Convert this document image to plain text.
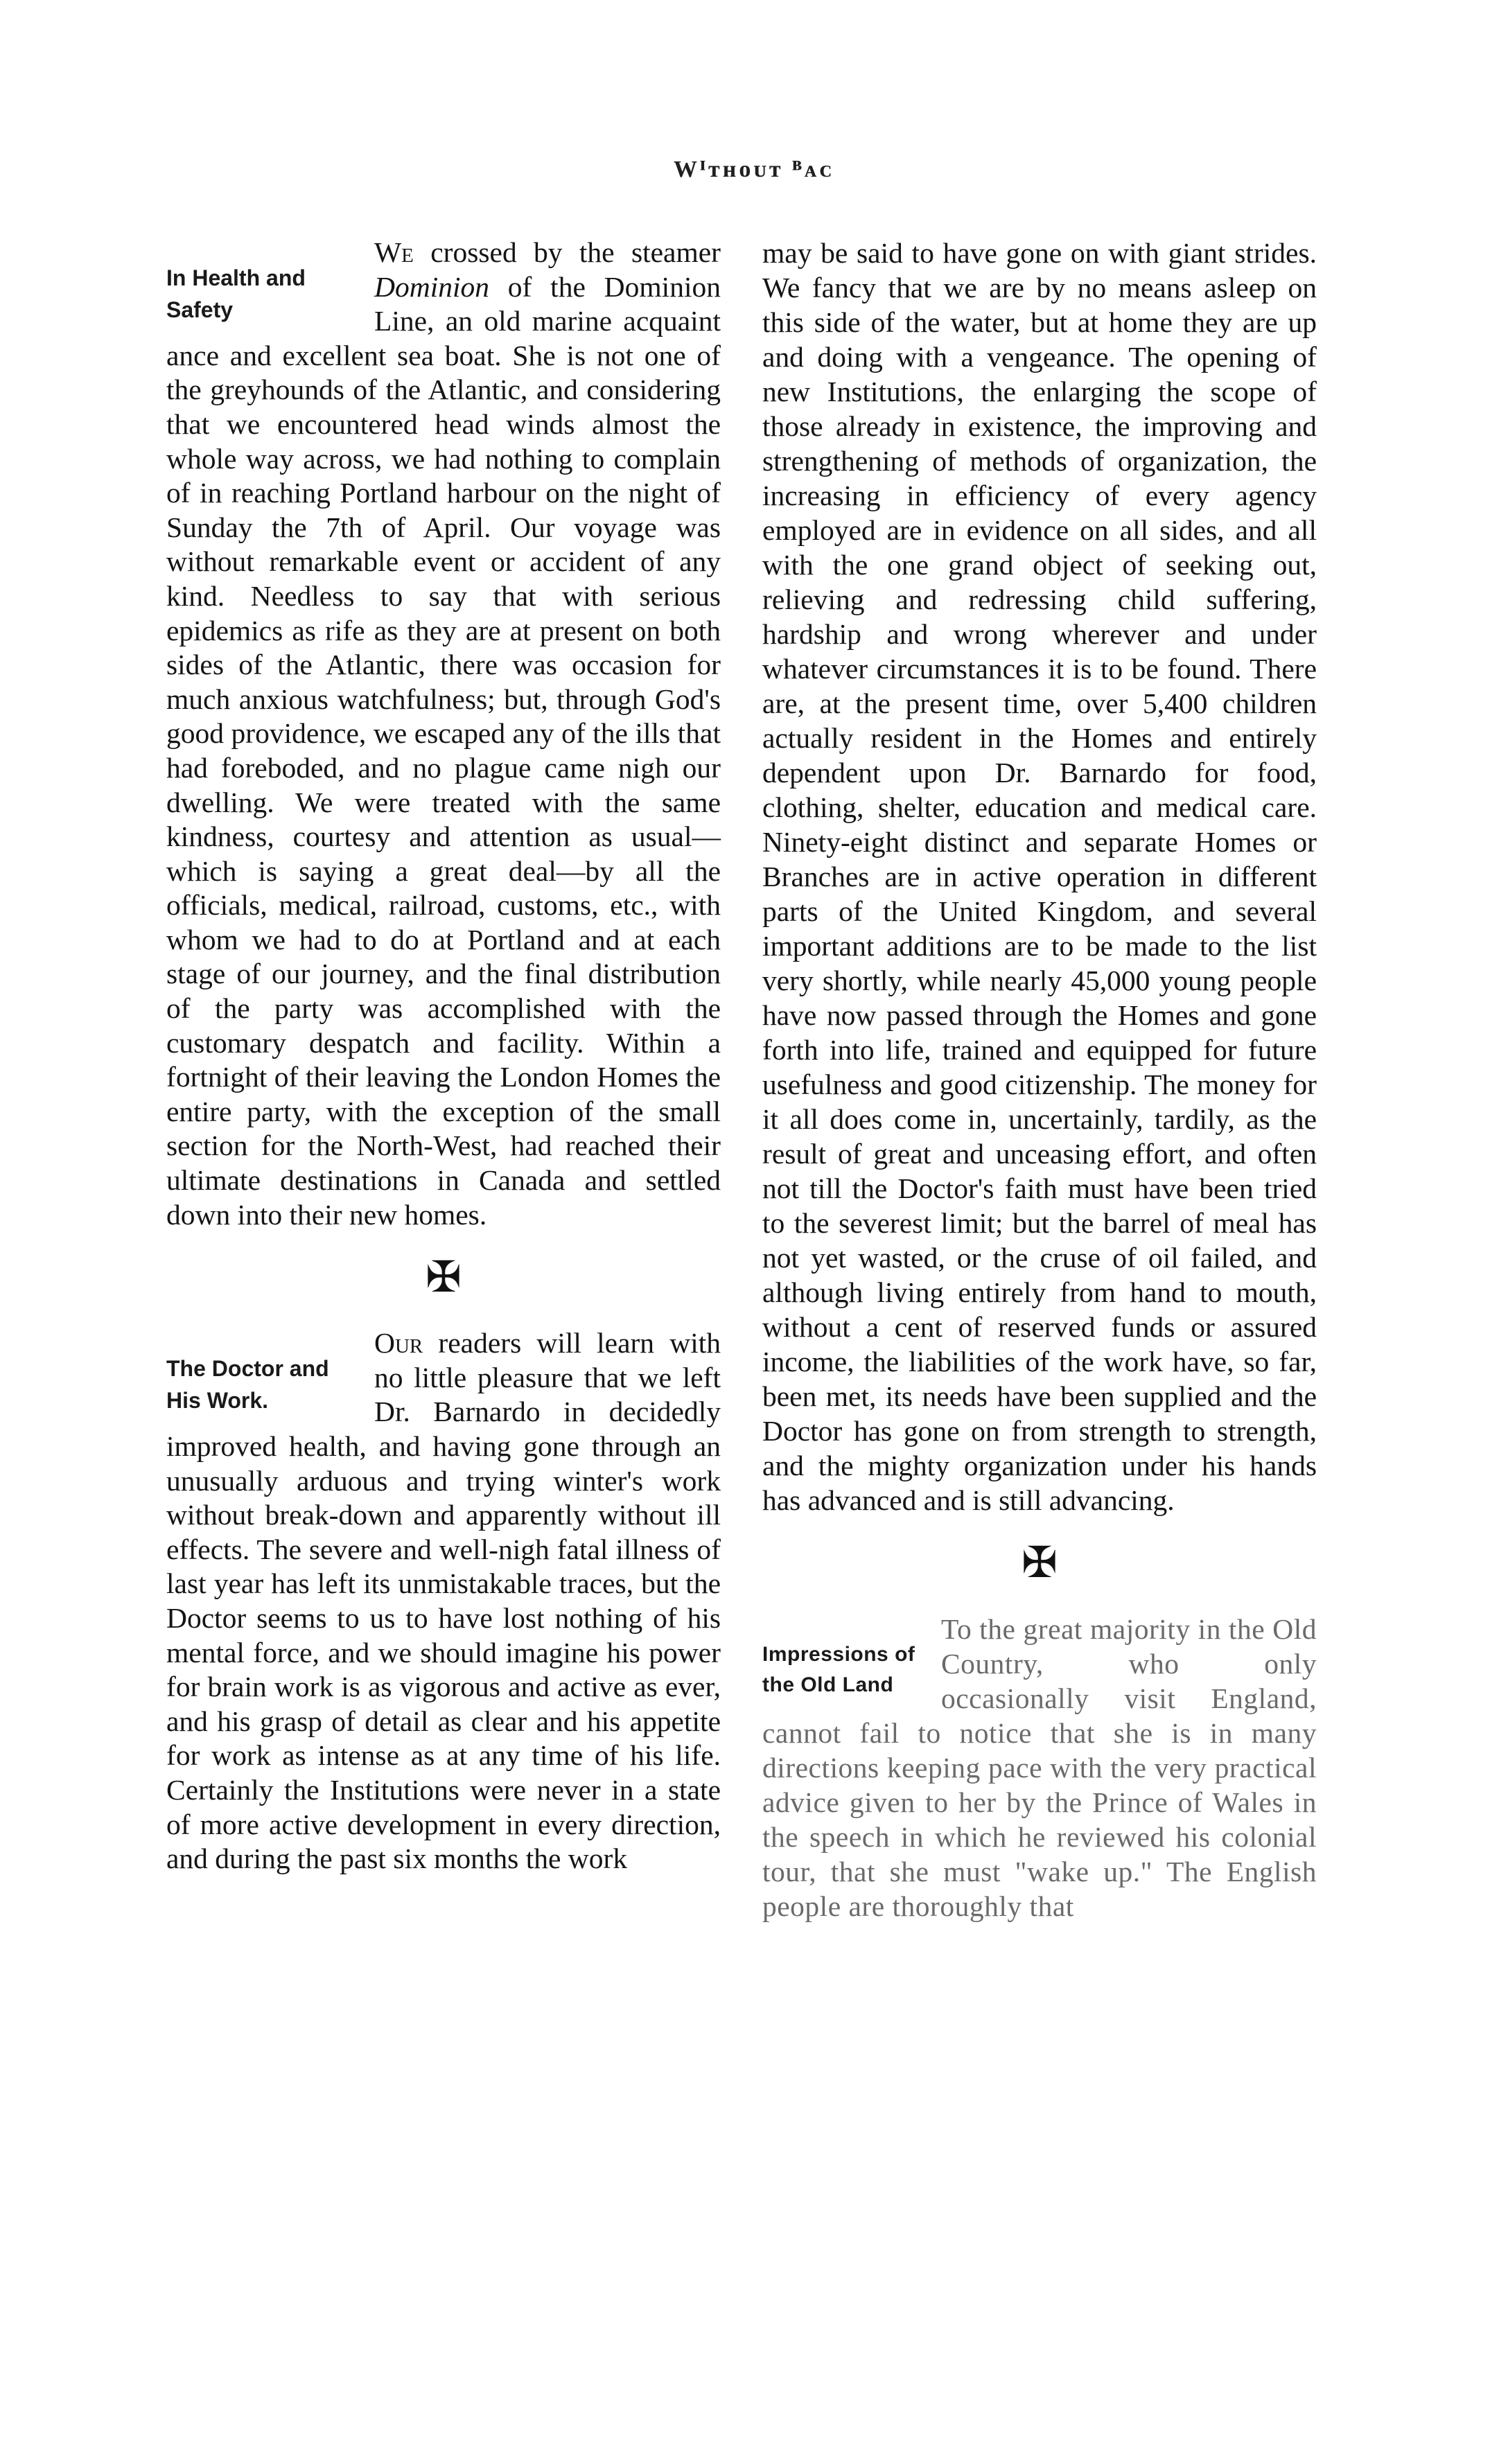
Wᴵᴛʜᴏᴜᴛ ᴮᴀᴄ
In Health and Safety

We crossed by the steamer Dominion of the Dominion Line, an old marine acquaint ance and excellent sea boat. She is not one of the greyhounds of the Atlantic, and considering that we encountered head winds almost the whole way across, we had nothing to complain of in reaching Portland harbour on the night of Sunday the 7th of April. Our voyage was without remarkable event or accident of any kind. Needless to say that with serious epidemics as rife as they are at present on both sides of the Atlantic, there was occasion for much anxious watchfulness; but, through God's good providence, we escaped any of the ills that had foreboded, and no plague came nigh our dwelling. We were treated with the same kindness, courtesy and attention as usual—which is saying a great deal—by all the officials, medical, railroad, customs, etc., with whom we had to do at Portland and at each stage of our journey, and the final distribution of the party was accomplished with the customary despatch and facility. Within a fortnight of their leaving the London Homes the entire party, with the exception of the small section for the North-West, had reached their ultimate destinations in Canada and settled down into their new homes.

✠
The Doctor and His Work.

Our readers will learn with no little pleasure that we left Dr. Barnardo in decidedly improved health, and having gone through an unusually arduous and trying winter's work without break-down and apparently without ill effects. The severe and well-nigh fatal illness of last year has left its unmistakable traces, but the Doctor seems to us to have lost nothing of his mental force, and we should imagine his power for brain work is as vigorous and active as ever, and his grasp of detail as clear and his appetite for work as intense as at any time of his life. Certainly the Institutions were never in a state of more active development in every direction, and during the past six months the work

may be said to have gone on with giant strides. We fancy that we are by no means asleep on this side of the water, but at home they are up and doing with a vengeance. The opening of new Institutions, the enlarging the scope of those already in existence, the improving and strengthening of methods of organization, the increasing in efficiency of every agency employed are in evidence on all sides, and all with the one grand object of seeking out, relieving and redressing child suffering, hardship and wrong wherever and under whatever circumstances it is to be found. There are, at the present time, over 5,400 children actually resident in the Homes and entirely dependent upon Dr. Barnardo for food, clothing, shelter, education and medical care. Ninety-eight distinct and separate Homes or Branches are in active operation in different parts of the United Kingdom, and several important additions are to be made to the list very shortly, while nearly 45,000 young people have now passed through the Homes and gone forth into life, trained and equipped for future usefulness and good citizenship. The money for it all does come in, uncertainly, tardily, as the result of great and unceasing effort, and often not till the Doctor's faith must have been tried to the severest limit; but the barrel of meal has not yet wasted, or the cruse of oil failed, and although living entirely from hand to mouth, without a cent of reserved funds or assured income, the liabilities of the work have, so far, been met, its needs have been supplied and the Doctor has gone on from strength to strength, and the mighty organization under his hands has advanced and is still advancing.

✠
Impressions of the Old Land

To the great majority in the Old Country, who only occasionally visit England, cannot fail to notice that she is in many directions keeping pace with the very practical advice given to her by the Prince of Wales in the speech in which he reviewed his colonial tour, that she must "wake up." The English people are thoroughly that
